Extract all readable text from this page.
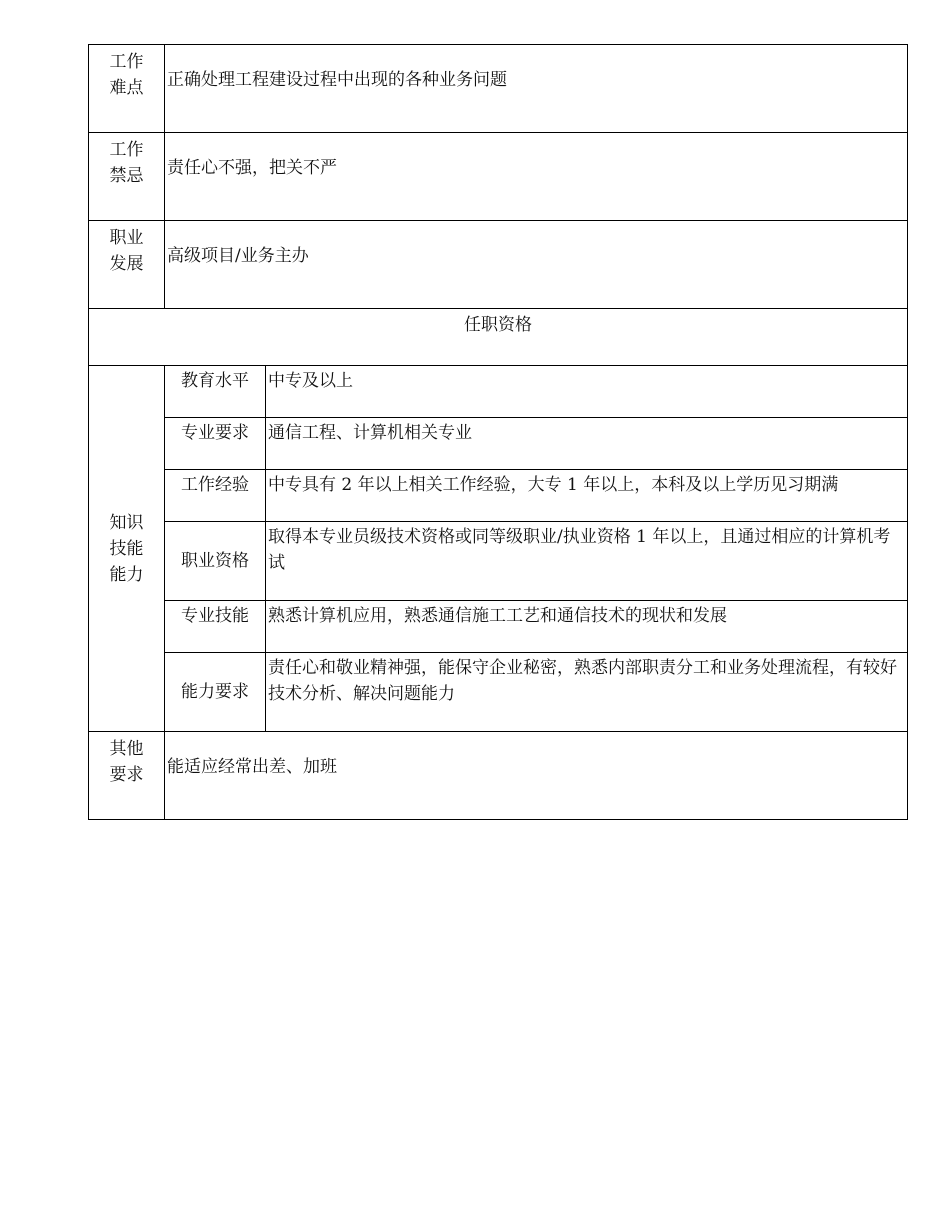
工作
难点	正确处理工程建设过程中出现的各种业务问题	

工作
禁忌	责任心不强，把关不严	

职业
发展	高级项目/业务主办	
任职资格		

知识
技能
能力	教育水平	中专及以上
	专业要求	通信工程、计算机相关专业
	工作经验	中专具有 2 年以上相关工作经验，大专 1 年以上，本科及以上学历见习期满
	职业资格	取得本专业员级技术资格或同等级职业/执业资格 1 年以上，且通过相应的计算机考试
	专业技能	熟悉计算机应用，熟悉通信施工工艺和通信技术的现状和发展
	能力要求	责任心和敬业精神强，能保守企业秘密，熟悉内部职责分工和业务处理流程，有较好技术分析、解决问题能力

其他
要求	能适应经常出差、加班	
